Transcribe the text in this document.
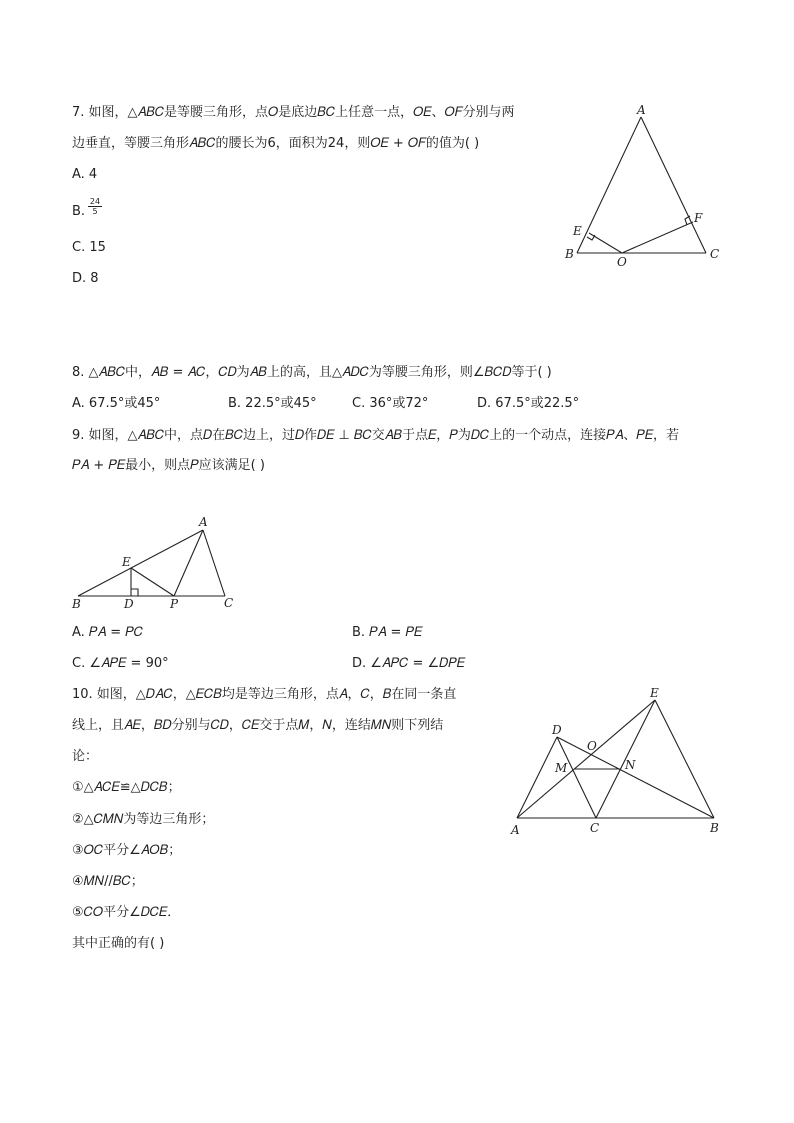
7. 如图，△𝐴𝐵𝐶是等腰三角形，点𝑂是底边𝐵𝐶上任意一点，𝑂𝐸、𝑂𝐹分别与两
边垂直，等腰三角形𝐴𝐵𝐶的腰长为6，面积为24，则𝑂𝐸 + 𝑂𝐹的值为( )
A. 4
B. $\frac{24}{5}$
C. 15
D. 8
A
B	C
E
F
O
8. △𝐴𝐵𝐶中，𝐴𝐵 = 𝐴𝐶，𝐶𝐷为𝐴𝐵上的高，且△𝐴𝐷𝐶为等腰三角形，则∠𝐵𝐶𝐷等于( )
A. 67.5°或45°	B. 22.5°或45°	C. 36°或72°	D. 67.5°或22.5°
9. 如图，△𝐴𝐵𝐶中，点𝐷在𝐵𝐶边上，过𝐷作𝐷𝐸 ⊥ 𝐵𝐶交𝐴𝐵于点𝐸，𝑃为𝐷𝐶上的一个动点，连接𝑃𝐴、𝑃𝐸，若
𝑃𝐴 + 𝑃𝐸最小，则点𝑃应该满足( )
A
B	C
D
E
P
A. 𝑃𝐴 = 𝑃𝐶	B. 𝑃𝐴 = 𝑃𝐸
C. ∠𝐴𝑃𝐸 = 90°	D. ∠𝐴𝑃𝐶 = ∠𝐷𝑃𝐸
10. 如图，△𝐷𝐴𝐶，△𝐸𝐶𝐵均是等边三角形，点𝐴，𝐶，𝐵在同一条直
线上，且𝐴𝐸，𝐵𝐷分别与𝐶𝐷，𝐶𝐸交于点𝑀，𝑁，连结𝑀𝑁则下列结
论：
①△𝐴𝐶𝐸≌△𝐷𝐶𝐵；
②△𝐶𝑀𝑁为等边三角形；
③𝑂𝐶平分∠𝐴𝑂𝐵；
④𝑀𝑁//𝐵𝐶；
⑤𝐶𝑂平分∠𝐷𝐶𝐸．
其中正确的有( )
D
E
O
M	N
A	C	B
